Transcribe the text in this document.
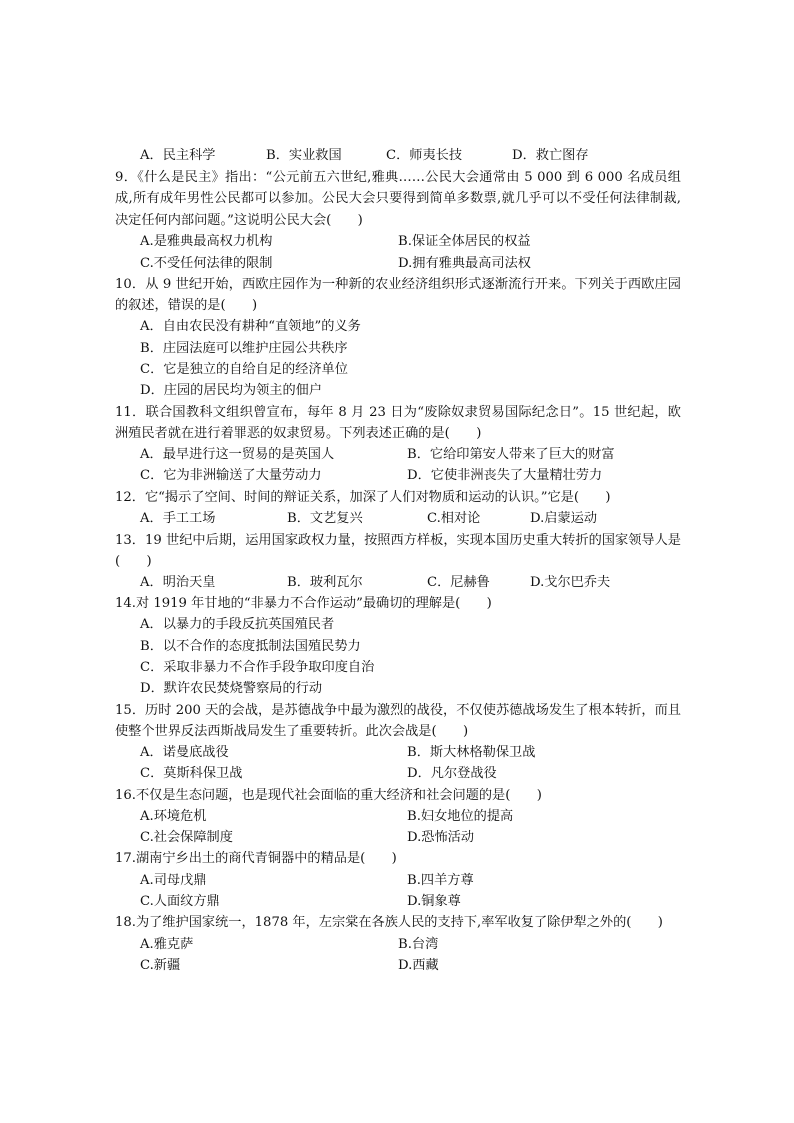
A．民主科学	B．实业救国	C．师夷长技	D．救亡图存
9．《什么是民主》指出：“公元前五六世纪,雅典……公民大会通常由 5 000 到 6 000 名成员组成,所有成年男性公民都可以参加。公民大会只要得到简单多数票,就几乎可以不受任何法律制裁,决定任何内部问题。”这说明公民大会(　　)
A.是雅典最高权力机构	B.保证全体居民的权益
C.不受任何法律的限制	D.拥有雅典最高司法权
10．从 9 世纪开始，西欧庄园作为一种新的农业经济组织形式逐渐流行开来。下列关于西欧庄园的叙述，错误的是(　　)
A．自由农民没有耕种“直领地”的义务
B．庄园法庭可以维护庄园公共秩序
C．它是独立的自给自足的经济单位
D．庄园的居民均为领主的佃户
11．联合国教科文组织曾宣布，每年 8 月 23 日为“废除奴隶贸易国际纪念日”。15 世纪起，欧洲殖民者就在进行着罪恶的奴隶贸易。下列表述正确的是(　　)
A．最早进行这一贸易的是英国人	B．它给印第安人带来了巨大的财富
C．它为非洲输送了大量劳动力	D．它使非洲丧失了大量精壮劳力
12．它“揭示了空间、时间的辩证关系，加深了人们对物质和运动的认识。”它是(　　)
A．手工工场	B．文艺复兴	C.相对论	D.启蒙运动
13．19 世纪中后期，运用国家政权力量，按照西方样板，实现本国历史重大转折的国家领导人是(　　)
A．明治天皇	B．玻利瓦尔	C．尼赫鲁	D.戈尔巴乔夫
14.对 1919 年甘地的“非暴力不合作运动”最确切的理解是(　　)
A．以暴力的手段反抗英国殖民者
B．以不合作的态度抵制法国殖民势力
C．采取非暴力不合作手段争取印度自治
D．默许农民焚烧警察局的行动
15．历时 200 天的会战，是苏德战争中最为激烈的战役，不仅使苏德战场发生了根本转折，而且使整个世界反法西斯战局发生了重要转折。此次会战是(　　)
A．诺曼底战役	B．斯大林格勒保卫战
C．莫斯科保卫战	D．凡尔登战役
16.不仅是生态问题，也是现代社会面临的重大经济和社会问题的是(　　)
A.环境危机	B.妇女地位的提高
C.社会保障制度	D.恐怖活动
17.湖南宁乡出土的商代青铜器中的精品是(　　)
A.司母戊鼎	B.四羊方尊
C.人面纹方鼎	D.铜象尊
18.为了维护国家统一，1878 年，左宗棠在各族人民的支持下,率军收复了除伊犁之外的(　　)
A.雅克萨	B.台湾
C.新疆	D.西藏
